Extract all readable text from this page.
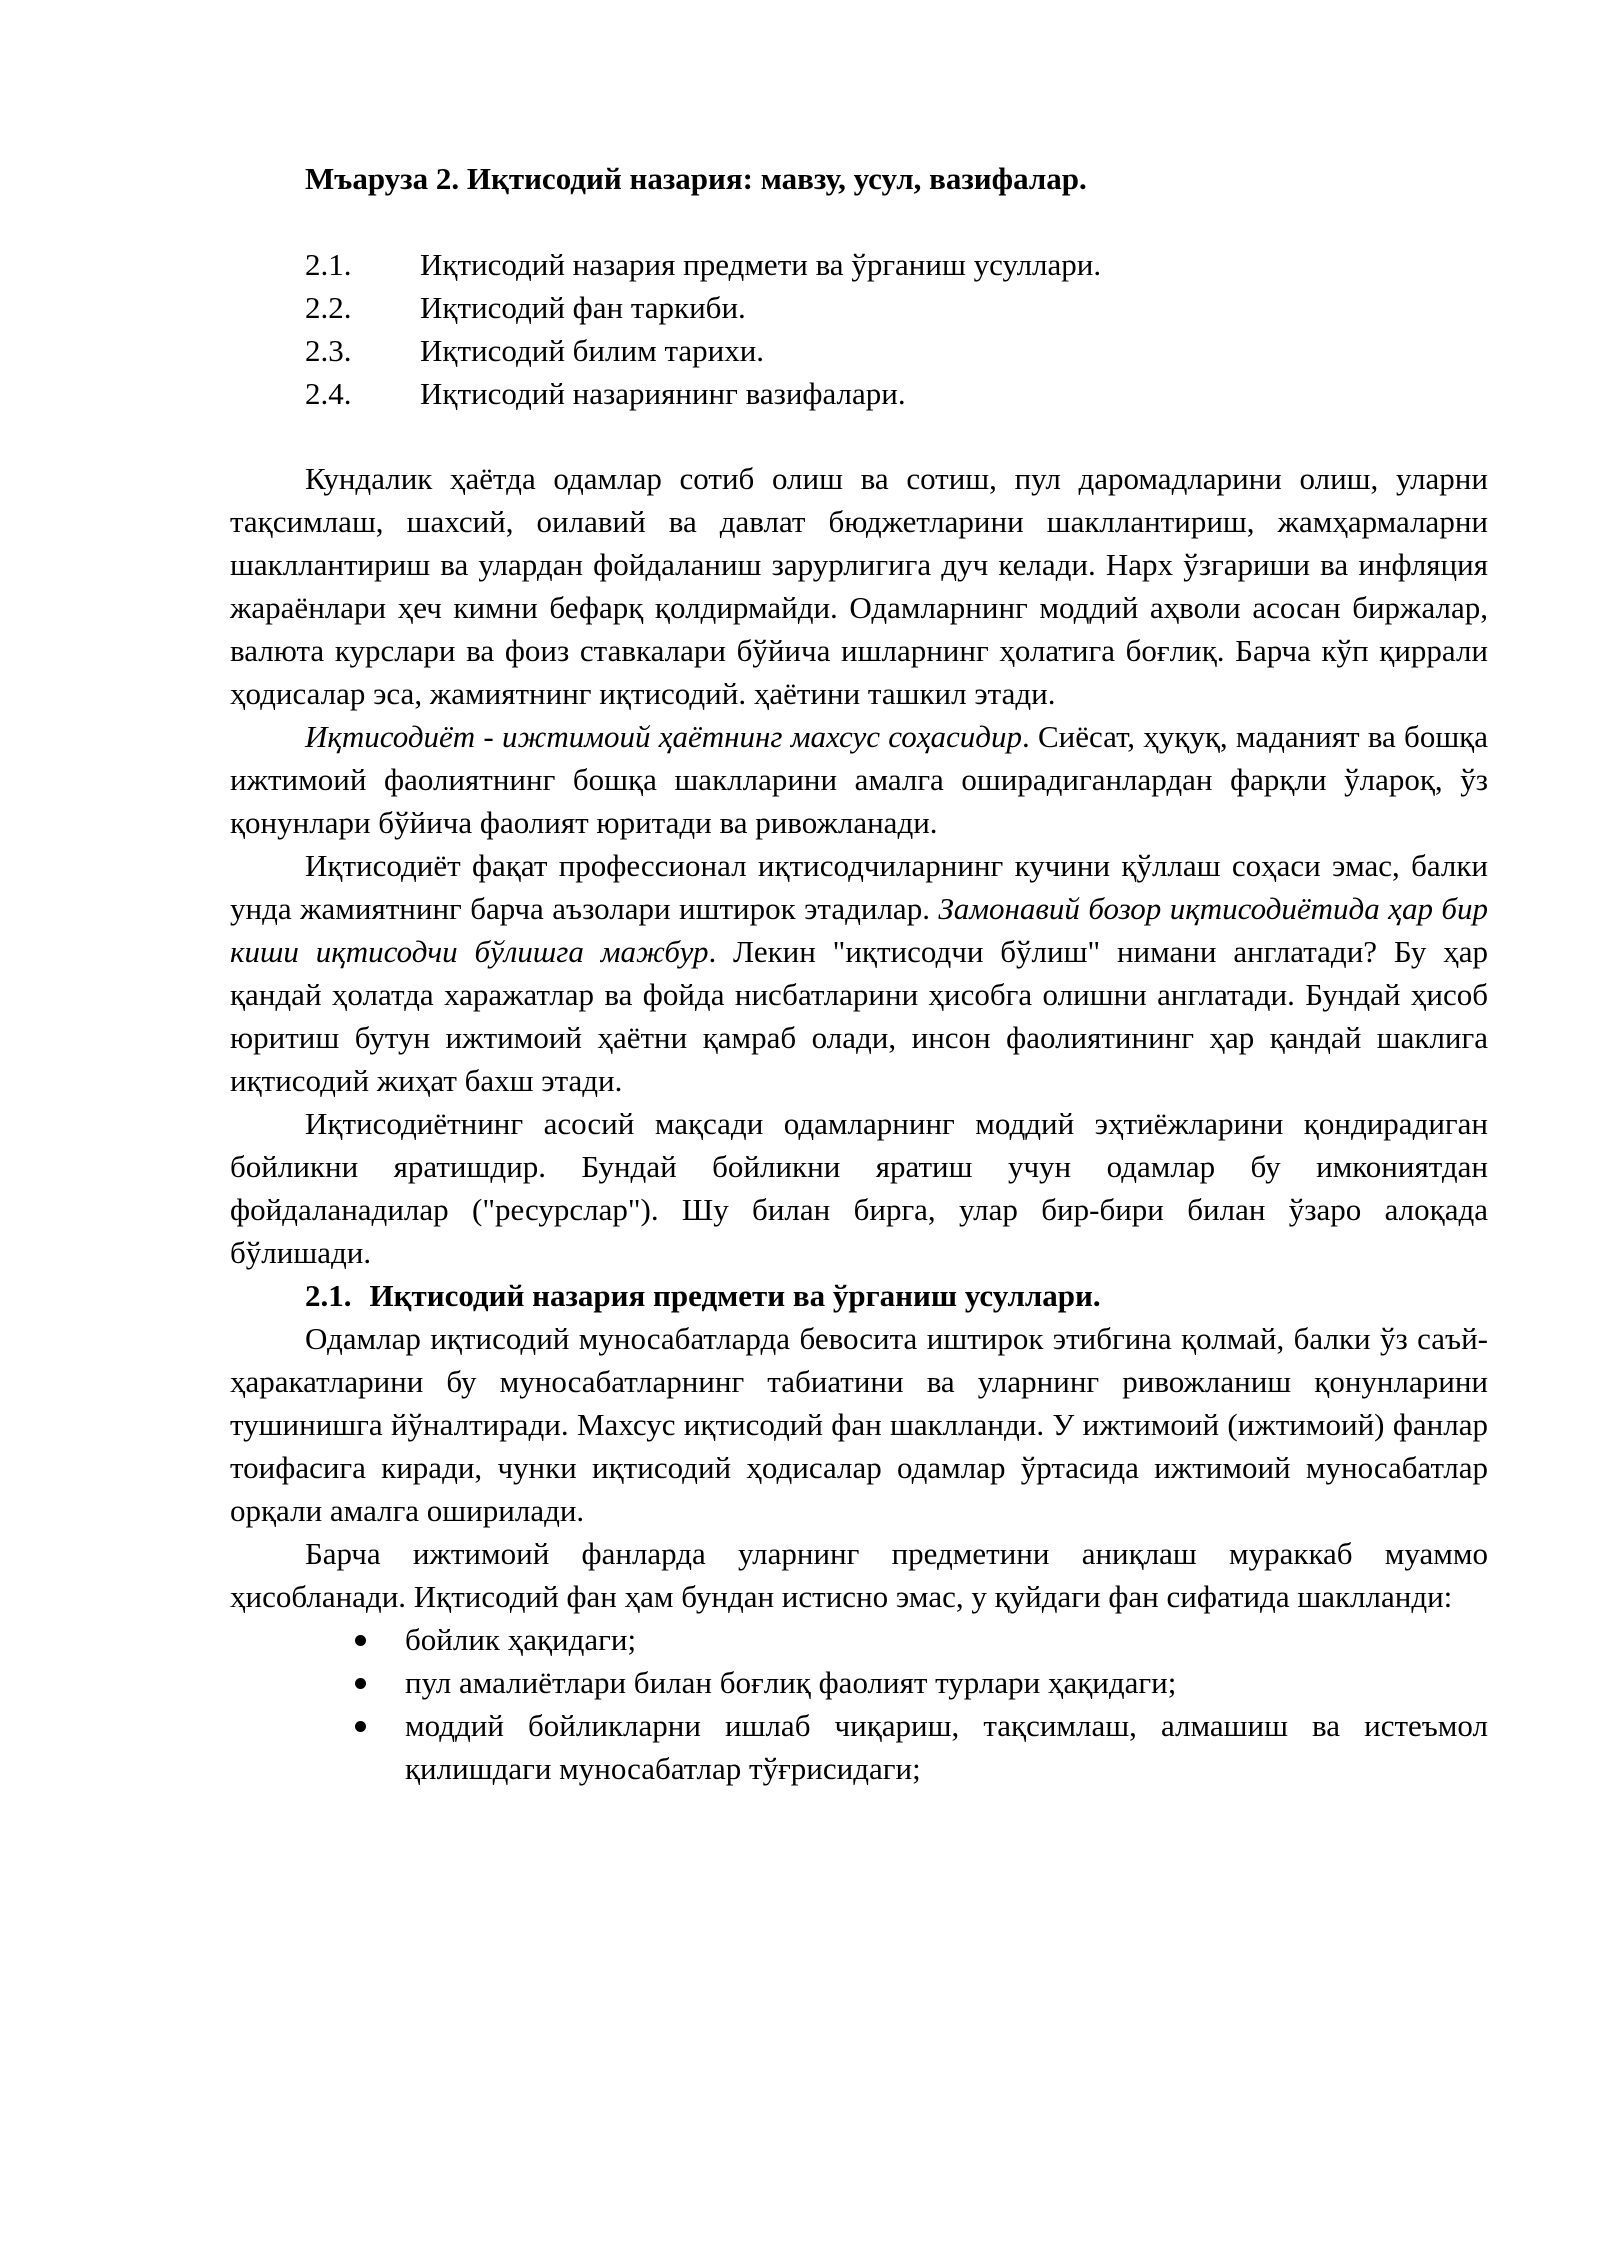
Мъаруза 2. Иқтисодий назария: мавзу, усул, вазифалар.
2.1.	Иқтисодий назария предмети ва ўрганиш усуллари.
2.2.	Иқтисодий фан таркиби.
2.3.	Иқтисодий билим тарихи.
2.4.	Иқтисодий назариянинг вазифалари.

Кундалик ҳаётда одамлар сотиб олиш ва сотиш, пул даромадларини олиш, уларни тақсимлаш, шахсий, оилавий ва давлат бюджетларини шакллантириш, жамҳармаларни шакллантириш ва улардан фойдаланиш зарурлигига дуч келади. Нарх ўзгариши ва инфляция жараёнлари ҳеч кимни бефарқ қолдирмайди. Одамларнинг моддий аҳволи асосан биржалар, валюта курслари ва фоиз ставкалари бўйича ишларнинг ҳолатига боғлиқ. Барча кўп қиррали ҳодисалар эса, жамиятнинг иқтисодий. ҳаётини ташкил этади.

Иқтисодиёт - ижтимоий ҳаётнинг махсус соҳасидир. Сиёсат, ҳуқуқ, маданият ва бошқа ижтимоий фаолиятнинг бошқа шаклларини амалга оширадиганлардан фарқли ўлароқ, ўз қонунлари бўйича фаолият юритади ва ривожланади.

Иқтисодиёт фақат профессионал иқтисодчиларнинг кучини қўллаш соҳаси эмас, балки унда жамиятнинг барча аъзолари иштирок этадилар. Замонавий бозор иқтисодиётида ҳар бир киши иқтисодчи бўлишга мажбур. Лекин "иқтисодчи бўлиш" нимани англатади? Бу ҳар қандай ҳолатда харажатлар ва фойда нисбатларини ҳисобга олишни англатади. Бундай ҳисоб юритиш бутун ижтимоий ҳаётни қамраб олади, инсон фаолиятининг ҳар қандай шаклига иқтисодий жиҳат бахш этади.

Иқтисодиётнинг асосий мақсади одамларнинг моддий эҳтиёжларини қондирадиган бойликни яратишдир. Бундай бойликни яратиш учун одамлар бу имкониятдан фойдаланадилар ("ресурслар"). Шу билан бирга, улар бир-бири билан ўзаро алоқада бўлишади.

2.1. Иқтисодий назария предмети ва ўрганиш усуллари.

Одамлар иқтисодий муносабатларда бевосита иштирок этибгина қолмай, балки ўз саъй-ҳаракатларини бу муносабатларнинг табиатини ва уларнинг ривожланиш қонунларини тушинишга йўналтиради. Махсус иқтисодий фан шаклланди. У ижтимоий (ижтимоий) фанлар тоифасига киради, чунки иқтисодий ҳодисалар одамлар ўртасида ижтимоий муносабатлар орқали амалга оширилади.

Барча ижтимоий фанларда уларнинг предметини аниқлаш мураккаб муаммо ҳисобланади. Иқтисодий фан ҳам бундан истисно эмас, у қуйдаги фан сифатида шаклланди:

бойлик ҳақидаги;
пул амалиётлари билан боғлиқ фаолият турлари ҳақидаги;
моддий бойликларни ишлаб чиқариш, тақсимлаш, алмашиш ва истеъмол қилишдаги муносабатлар тўғрисидаги;
